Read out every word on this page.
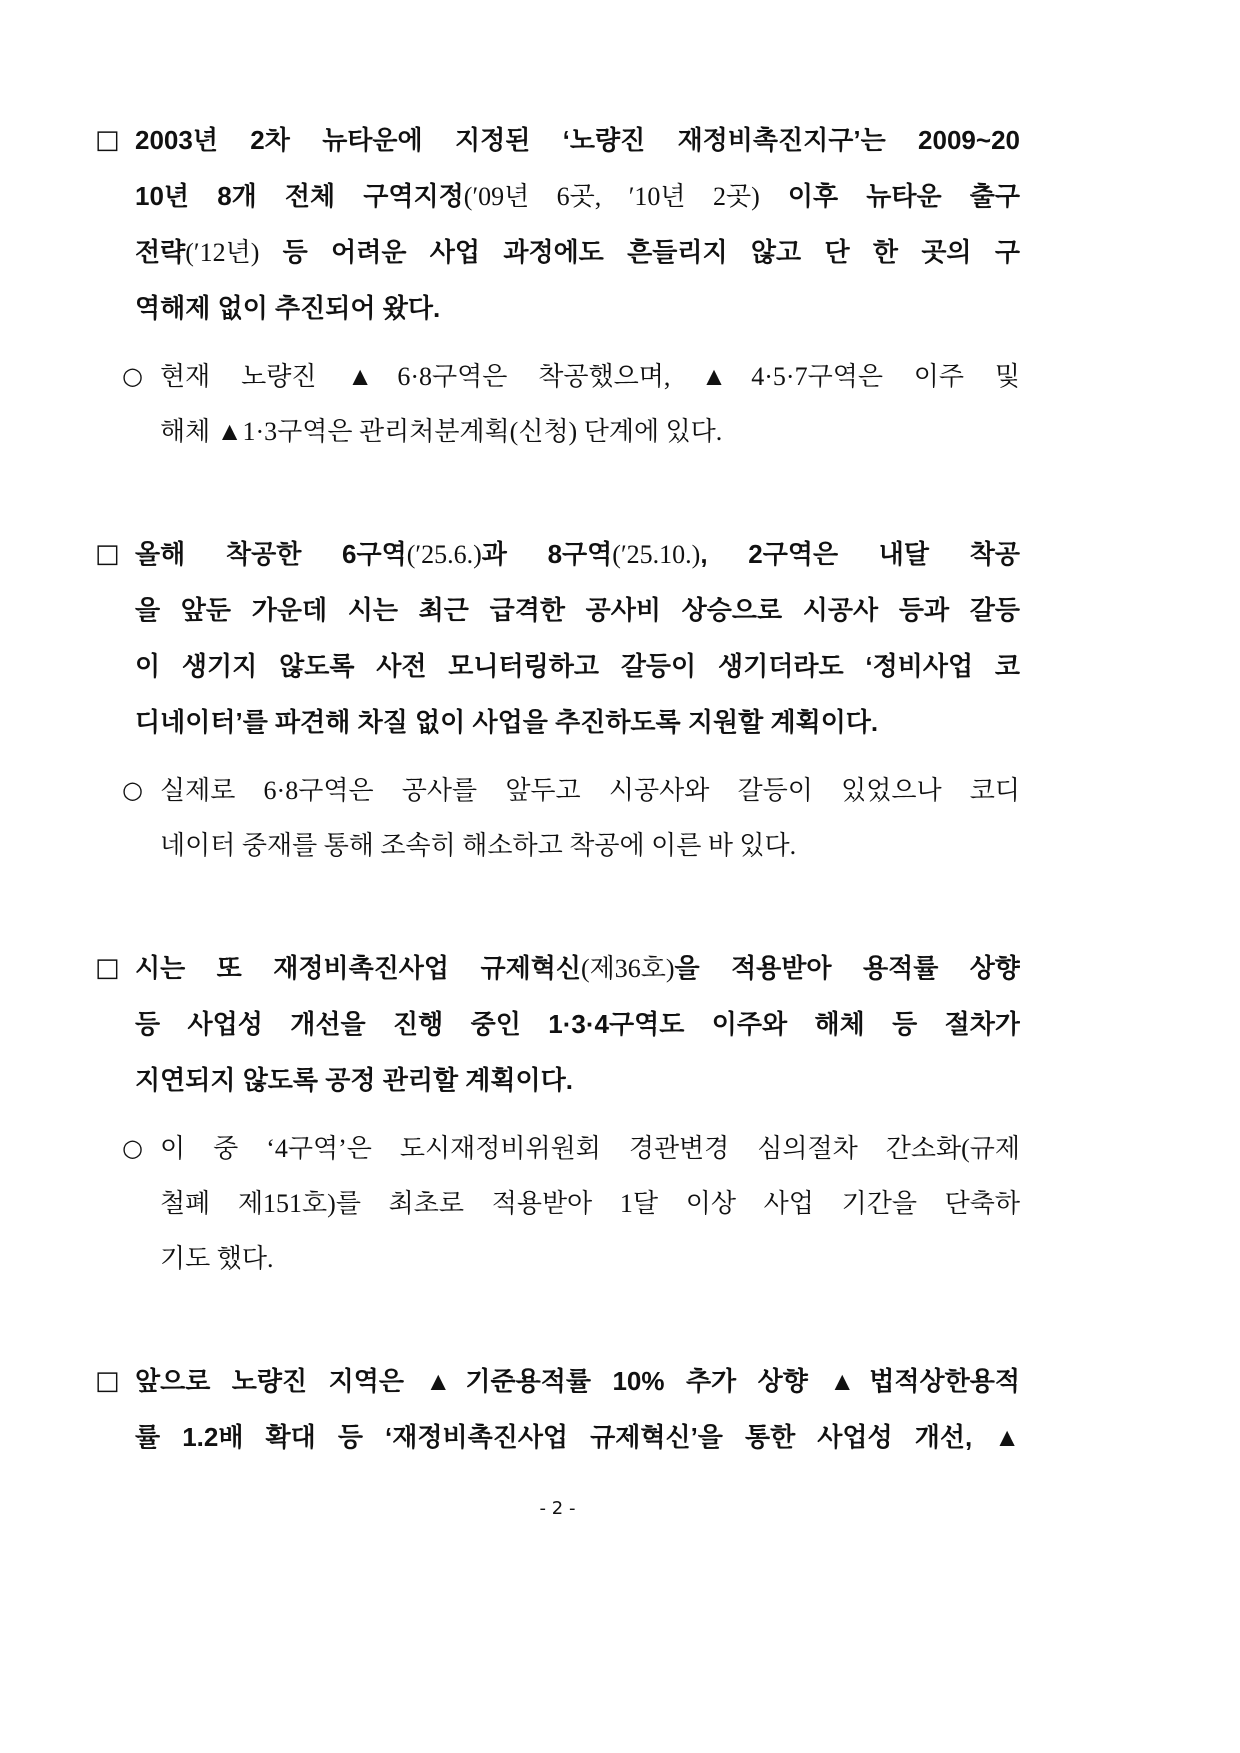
□ 2003년 2차 뉴타운에 지정된 ‘노량진 재정비촉진지구’는 2009~20
10년 8개 전체 구역지정(′09년 6곳, ′10년 2곳) 이후 뉴타운 출구
전략(′12년) 등 어려운 사업 과정에도 흔들리지 않고 단 한 곳의 구
역해제 없이 추진되어 왔다.
○ 현재 노량진 ▲6·8구역은 착공했으며, ▲4·5·7구역은 이주 및
해체 ▲1·3구역은 관리처분계획(신청) 단계에 있다.
□ 올해 착공한 6구역(′25.6.)과 8구역(′25.10.), 2구역은 내달 착공
을 앞둔 가운데 시는 최근 급격한 공사비 상승으로 시공사 등과 갈등
이 생기지 않도록 사전 모니터링하고 갈등이 생기더라도 ‘정비사업 코
디네이터’를 파견해 차질 없이 사업을 추진하도록 지원할 계획이다.
○ 실제로 6·8구역은 공사를 앞두고 시공사와 갈등이 있었으나 코디
네이터 중재를 통해 조속히 해소하고 착공에 이른 바 있다.
□ 시는 또 재정비촉진사업 규제혁신(제36호)을 적용받아 용적률 상향
등 사업성 개선을 진행 중인 1·3·4구역도 이주와 해체 등 절차가
지연되지 않도록 공정 관리할 계획이다.
○ 이 중 ‘4구역’은 도시재정비위원회 경관변경 심의절차 간소화(규제
철폐 제151호)를 최초로 적용받아 1달 이상 사업 기간을 단축하
기도 했다.
□ 앞으로 노량진 지역은 ▲기준용적률 10% 추가 상향 ▲법적상한용적
률 1.2배 확대 등 ‘재정비촉진사업 규제혁신’을 통한 사업성 개선, ▲
- 2 -
